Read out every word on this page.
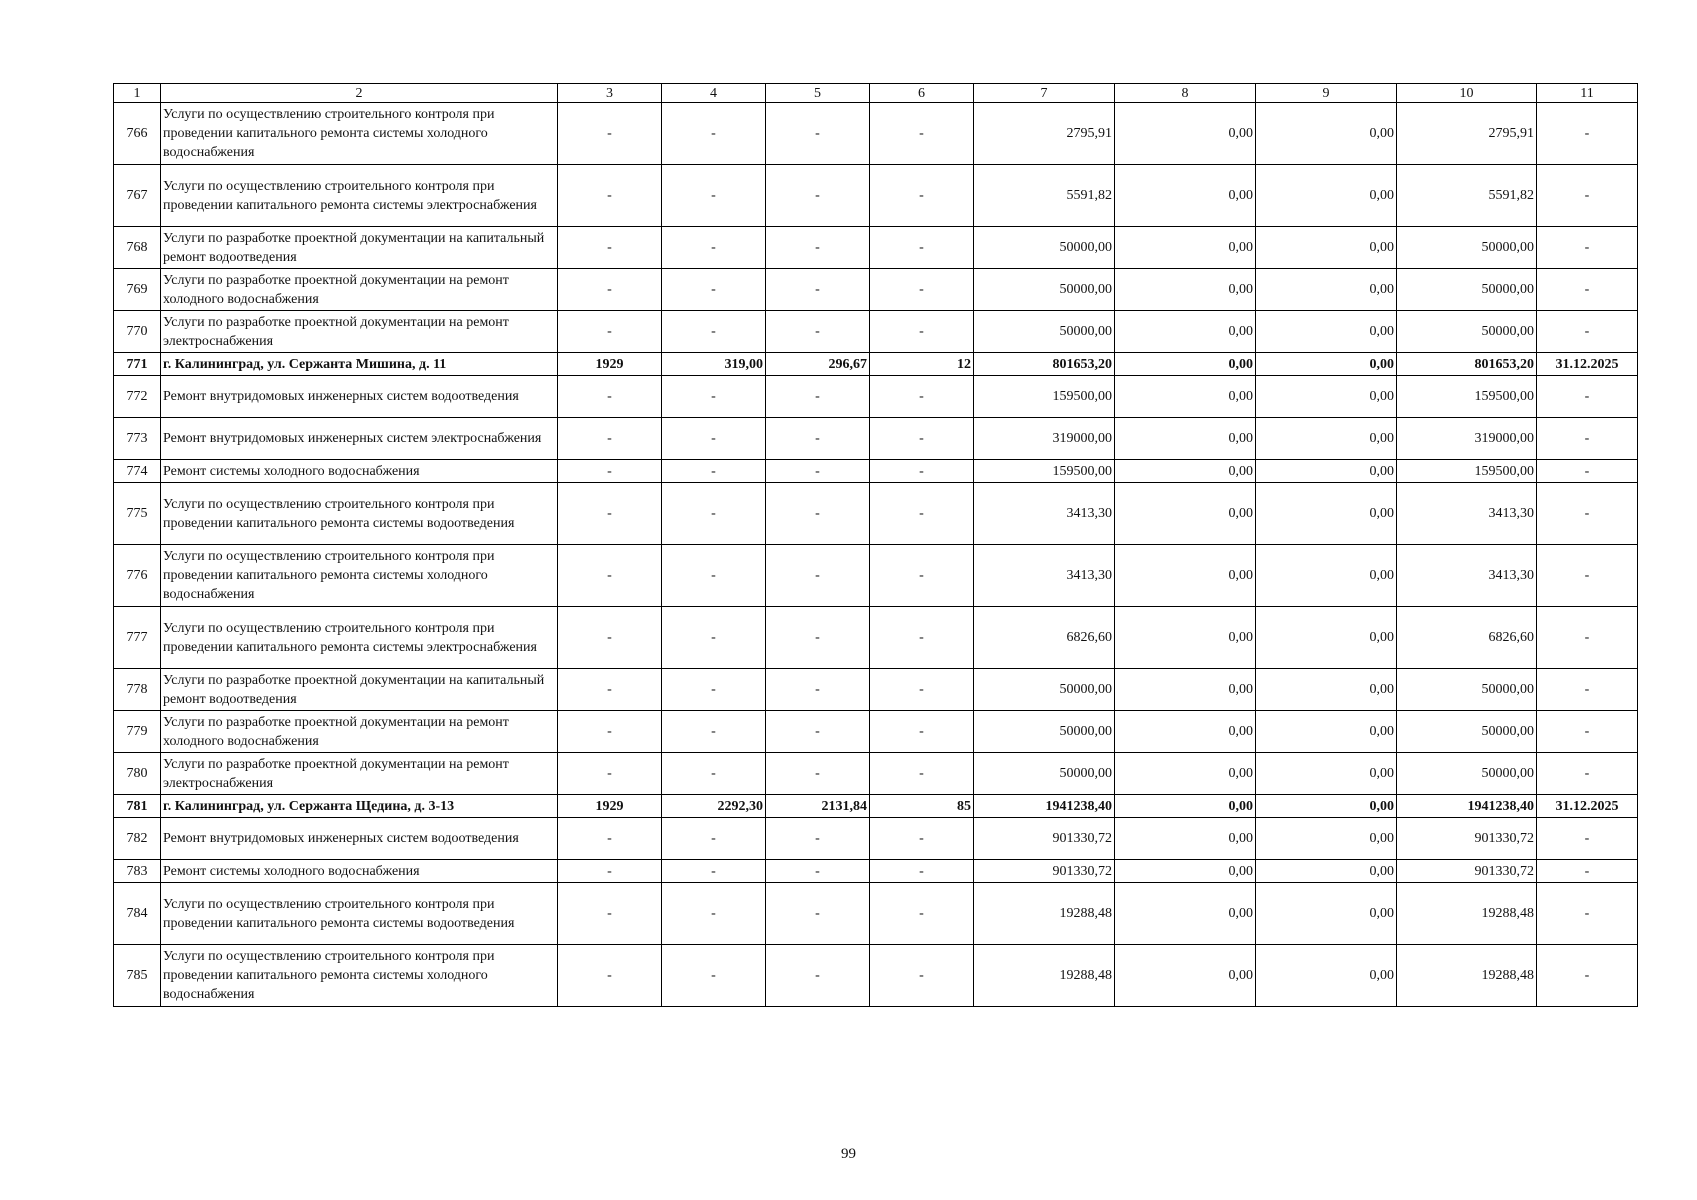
1	2	3	4	5	6	7	8	9	10	11
766	Услуги по осуществлению строительного контроля при проведении капитального ремонта системы холодного водоснабжения	-	-	-	-	2795,91	0,00	0,00	2795,91	-
767	Услуги по осуществлению строительного контроля при проведении капитального ремонта системы электроснабжения	-	-	-	-	5591,82	0,00	0,00	5591,82	-
768	Услуги по разработке проектной документации на капитальный ремонт водоотведения	-	-	-	-	50000,00	0,00	0,00	50000,00	-
769	Услуги по разработке проектной документации на ремонт холодного водоснабжения	-	-	-	-	50000,00	0,00	0,00	50000,00	-
770	Услуги по разработке проектной документации на ремонт электроснабжения	-	-	-	-	50000,00	0,00	0,00	50000,00	-
771	г. Калининград, ул. Сержанта Мишина, д. 11	1929	319,00	296,67	12	801653,20	0,00	0,00	801653,20	31.12.2025
772	Ремонт внутридомовых инженерных систем водоотведения	-	-	-	-	159500,00	0,00	0,00	159500,00	-
773	Ремонт внутридомовых инженерных систем электроснабжения	-	-	-	-	319000,00	0,00	0,00	319000,00	-
774	Ремонт системы холодного водоснабжения	-	-	-	-	159500,00	0,00	0,00	159500,00	-
775	Услуги по осуществлению строительного контроля при проведении капитального ремонта системы водоотведения	-	-	-	-	3413,30	0,00	0,00	3413,30	-
776	Услуги по осуществлению строительного контроля при проведении капитального ремонта системы холодного водоснабжения	-	-	-	-	3413,30	0,00	0,00	3413,30	-
777	Услуги по осуществлению строительного контроля при проведении капитального ремонта системы электроснабжения	-	-	-	-	6826,60	0,00	0,00	6826,60	-
778	Услуги по разработке проектной документации на капитальный ремонт водоотведения	-	-	-	-	50000,00	0,00	0,00	50000,00	-
779	Услуги по разработке проектной документации на ремонт холодного водоснабжения	-	-	-	-	50000,00	0,00	0,00	50000,00	-
780	Услуги по разработке проектной документации на ремонт электроснабжения	-	-	-	-	50000,00	0,00	0,00	50000,00	-
781	г. Калининград, ул. Сержанта Щедина, д. 3-13	1929	2292,30	2131,84	85	1941238,40	0,00	0,00	1941238,40	31.12.2025
782	Ремонт внутридомовых инженерных систем водоотведения	-	-	-	-	901330,72	0,00	0,00	901330,72	-
783	Ремонт системы холодного водоснабжения	-	-	-	-	901330,72	0,00	0,00	901330,72	-
784	Услуги по осуществлению строительного контроля при проведении капитального ремонта системы водоотведения	-	-	-	-	19288,48	0,00	0,00	19288,48	-
785	Услуги по осуществлению строительного контроля при проведении капитального ремонта системы холодного водоснабжения	-	-	-	-	19288,48	0,00	0,00	19288,48	-
99
